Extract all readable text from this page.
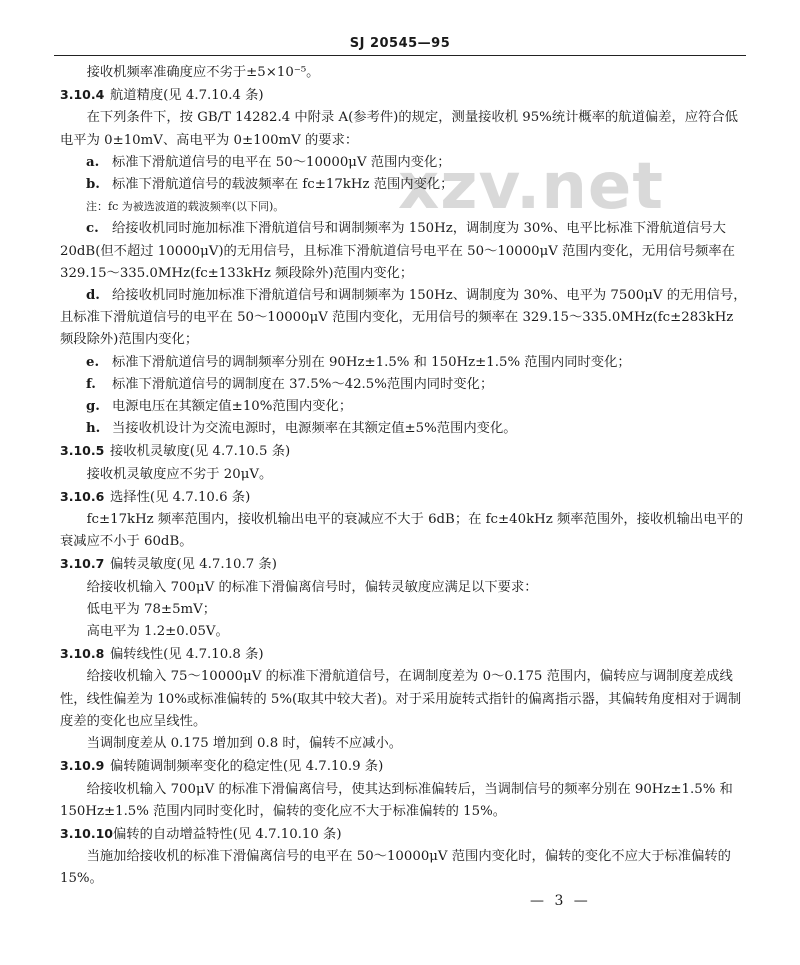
SJ 20545—95
xzv.net

接收机频率准确度应不劣于±5×10⁻⁵。

3.10.4 航道精度(见 4.7.10.4 条)

在下列条件下，按 GB/T 14282.4 中附录 A(参考件)的规定，测量接收机 95%统计概率的航道偏差，应符合低电平为 0±10mV、高电平为 0±100mV 的要求：

a. 标准下滑航道信号的电平在 50～10000μV 范围内变化；

b. 标准下滑航道信号的载波频率在 fc±17kHz 范围内变化；

注：fc 为被选波道的载波频率(以下同)。

c. 给接收机同时施加标准下滑航道信号和调制频率为 150Hz，调制度为 30%、电平比标准下滑航道信号大 20dB(但不超过 10000μV)的无用信号，且标准下滑航道信号电平在 50～10000μV 范围内变化，无用信号频率在 329.15～335.0MHz(fc±133kHz 频段除外)范围内变化；

d. 给接收机同时施加标准下滑航道信号和调制频率为 150Hz、调制度为 30%、电平为 7500μV 的无用信号，且标准下滑航道信号的电平在 50～10000μV 范围内变化，无用信号的频率在 329.15～335.0MHz(fc±283kHz 频段除外)范围内变化；

e. 标准下滑航道信号的调制频率分别在 90Hz±1.5% 和 150Hz±1.5% 范围内同时变化；

f. 标准下滑航道信号的调制度在 37.5%～42.5%范围内同时变化；

g. 电源电压在其额定值±10%范围内变化；

h. 当接收机设计为交流电源时，电源频率在其额定值±5%范围内变化。

3.10.5 接收机灵敏度(见 4.7.10.5 条)

接收机灵敏度应不劣于 20μV。

3.10.6 选择性(见 4.7.10.6 条)

fc±17kHz 频率范围内，接收机输出电平的衰减应不大于 6dB；在 fc±40kHz 频率范围外，接收机输出电平的衰减应不小于 60dB。

3.10.7 偏转灵敏度(见 4.7.10.7 条)

给接收机输入 700μV 的标准下滑偏离信号时，偏转灵敏度应满足以下要求：

低电平为 78±5mV；

高电平为 1.2±0.05V。

3.10.8 偏转线性(见 4.7.10.8 条)

给接收机输入 75～10000μV 的标准下滑航道信号，在调制度差为 0～0.175 范围内，偏转应与调制度差成线性，线性偏差为 10%或标准偏转的 5%(取其中较大者)。对于采用旋转式指针的偏离指示器，其偏转角度相对于调制度差的变化也应呈线性。

当调制度差从 0.175 增加到 0.8 时，偏转不应减小。

3.10.9 偏转随调制频率变化的稳定性(见 4.7.10.9 条)

给接收机输入 700μV 的标准下滑偏离信号，使其达到标准偏转后，当调制信号的频率分别在 90Hz±1.5% 和 150Hz±1.5% 范围内同时变化时，偏转的变化应不大于标准偏转的 15%。

3.10.10偏转的自动增益特性(见 4.7.10.10 条)

当施加给接收机的标准下滑偏离信号的电平在 50～10000μV 范围内变化时，偏转的变化不应大于标准偏转的 15%。

— 3 —
